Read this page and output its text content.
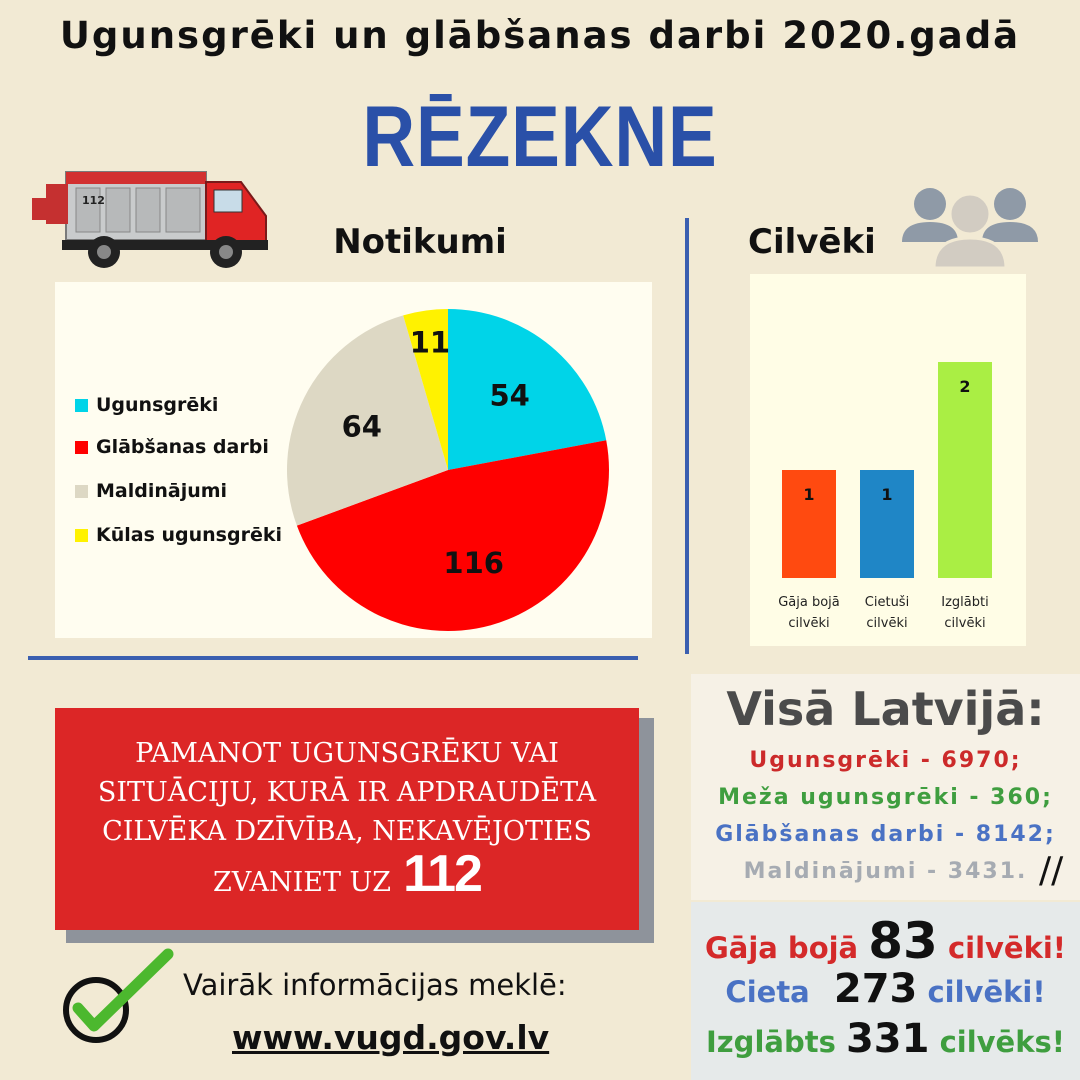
Ugunsgrēki un glābšanas darbi 2020.gadā
RĒZEKNE
112
Notikumi	Cilvēki
Ugunsgrēki
Glābšanas darbi
Maldinājumi
Kūlas ugunsgrēki
54
116
64
11
1
Gāja bojā
cilvēki
1
Cietuši
cilvēki
2
Izglābti
cilvēki
PAMANOT UGUNSGRĒKU VAI
SITUĀCIJU, KURĀ IR APDRAUDĒTA
CILVĒKA DZĪVĪBA, NEKAVĒJOTIES
ZVANIET UZ 112
Vairāk informācijas meklē:
www.vugd.gov.lv
Visā Latvijā:
Ugunsgrēki - 6970;
Meža ugunsgrēki - 360;
Glābšanas darbi - 8142;
Maldinājumi - 3431. //
Gāja bojā 83 cilvēki!
Cieta 273 cilvēki!
Izglābts 331 cilvēks!
